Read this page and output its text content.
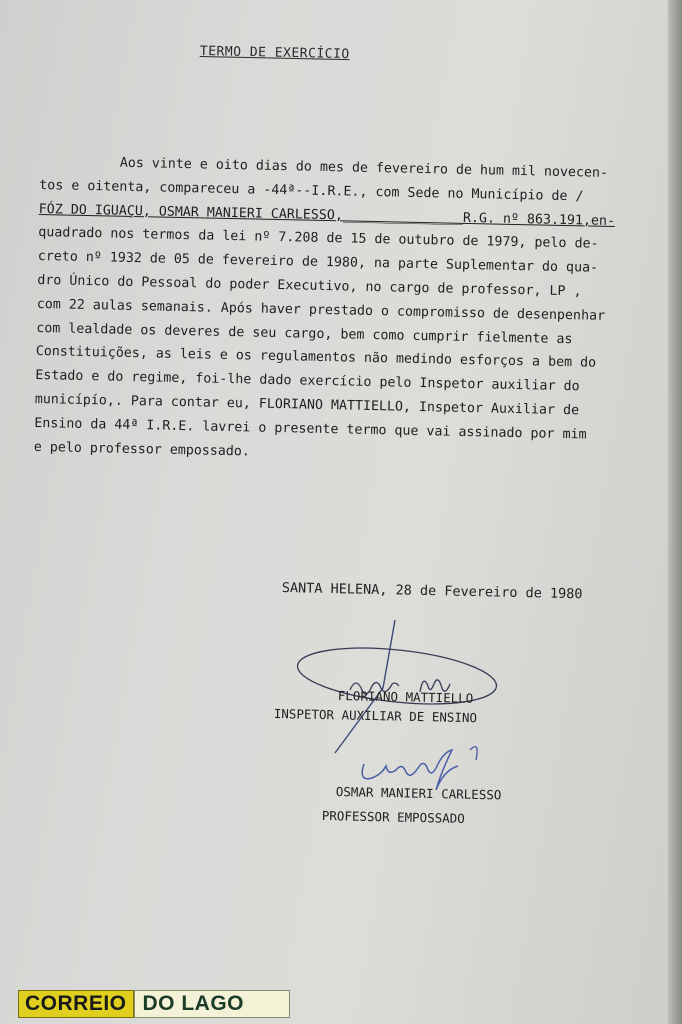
TERMO DE EXERCÍCIO
Aos vinte e oito dias do mes de fevereiro de hum mil novecen-
tos e oitenta, compareceu a -44ª--I.R.E., com Sede no Município de /
FÓZ DO IGUAÇU, OSMAR MANIERI CARLESSO,_______________R.G. nº 863.191,en-
quadrado nos termos da lei nº 7.208 de 15 de outubro de 1979, pelo de-
creto nº 1932 de 05 de fevereiro de 1980, na parte Suplementar do qua-
dro Único do Pessoal do poder Executivo, no cargo de professor, LP ,
com 22 aulas semanais. Após haver prestado o compromisso de desenpenhar
com lealdade os deveres de seu cargo, bem como cumprir fielmente as
Constituições, as leis e os regulamentos não medindo esforços a bem do
Estado e do regime, foi-lhe dado exercício pelo Inspetor auxiliar do
municípío,. Para contar eu, FLORIANO MATTIELLO, Inspetor Auxiliar de
Ensino da 44ª I.R.E. lavrei o presente termo que vai assinado por mim
e pelo professor empossado.
SANTA HELENA, 28 de Fevereiro de 1980
FLORIANO MATTIELLO
INSPETOR AUXILIAR DE ENSINO
OSMAR MANIERI CARLESSO
PROFESSOR EMPOSSADO
CORREIO DO LAGO
